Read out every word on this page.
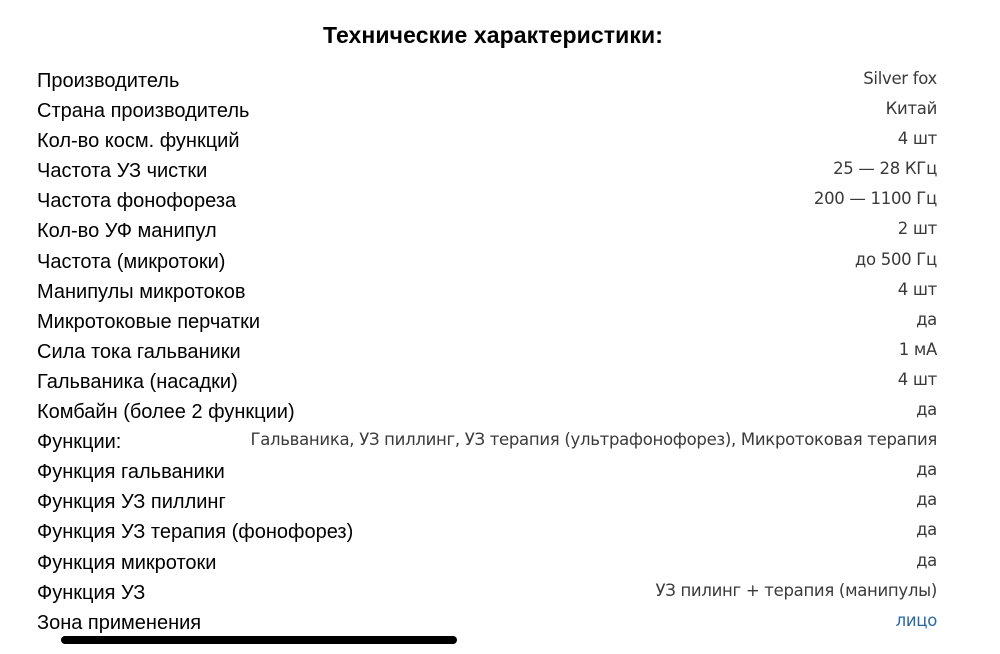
Технические характеристики:
Производитель	Silver fox
Страна производитель	Китай
Кол-во косм. функций	4 шт
Частота УЗ чистки	25 — 28 КГц
Частота фонофореза	200 — 1100 Гц
Кол-во УФ манипул	2 шт
Частота (микротоки)	до 500 Гц
Манипулы микротоков	4 шт
Микротоковые перчатки	да
Сила тока гальваники	1 мА
Гальваника (насадки)	4 шт
Комбайн (более 2 функции)	да
Функции:	Гальваника, УЗ пиллинг, УЗ терапия (ультрафонофорез), Микротоковая терапия
Функция гальваники	да
Функция УЗ пиллинг	да
Функция УЗ терапия (фонофорез)	да
Функция микротоки	да
Функция УЗ	УЗ пилинг + терапия (манипулы)
Зона применения	лицо
